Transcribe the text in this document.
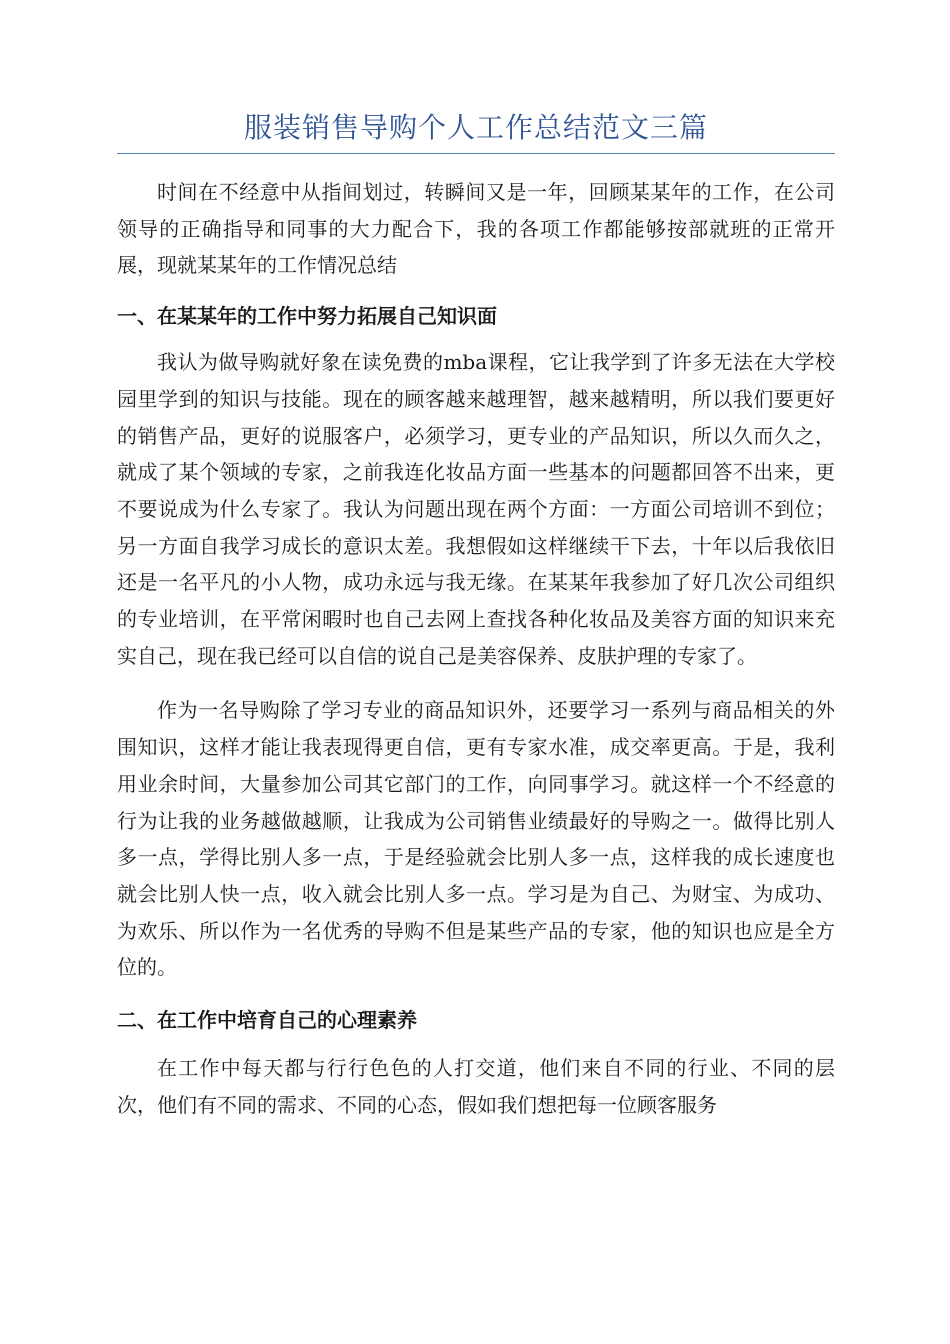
服装销售导购个人工作总结范文三篇

时间在不经意中从指间划过，转瞬间又是一年，回顾某某年的工作，在公司领导的正确指导和同事的大力配合下，我的各项工作都能够按部就班的正常开展，现就某某年的工作情况总结

一、在某某年的工作中努力拓展自己知识面

我认为做导购就好象在读免费的mba课程，它让我学到了许多无法在大学校园里学到的知识与技能。现在的顾客越来越理智，越来越精明，所以我们要更好的销售产品，更好的说服客户，必须学习，更专业的产品知识，所以久而久之，就成了某个领域的专家，之前我连化妆品方面一些基本的问题都回答不出来，更不要说成为什么专家了。我认为问题出现在两个方面：一方面公司培训不到位；另一方面自我学习成长的意识太差。我想假如这样继续干下去，十年以后我依旧还是一名平凡的小人物，成功永远与我无缘。在某某年我参加了好几次公司组织的专业培训，在平常闲暇时也自己去网上查找各种化妆品及美容方面的知识来充实自己，现在我已经可以自信的说自己是美容保养、皮肤护理的专家了。

作为一名导购除了学习专业的商品知识外，还要学习一系列与商品相关的外围知识，这样才能让我表现得更自信，更有专家水准，成交率更高。于是，我利用业余时间，大量参加公司其它部门的工作，向同事学习。就这样一个不经意的行为让我的业务越做越顺，让我成为公司销售业绩最好的导购之一。做得比别人多一点，学得比别人多一点，于是经验就会比别人多一点，这样我的成长速度也就会比别人快一点，收入就会比别人多一点。学习是为自己、为财宝、为成功、为欢乐、所以作为一名优秀的导购不但是某些产品的专家，他的知识也应是全方位的。

二、在工作中培育自己的心理素养

在工作中每天都与行行色色的人打交道，他们来自不同的行业、不同的层次，他们有不同的需求、不同的心态，假如我们想把每一位顾客服务
